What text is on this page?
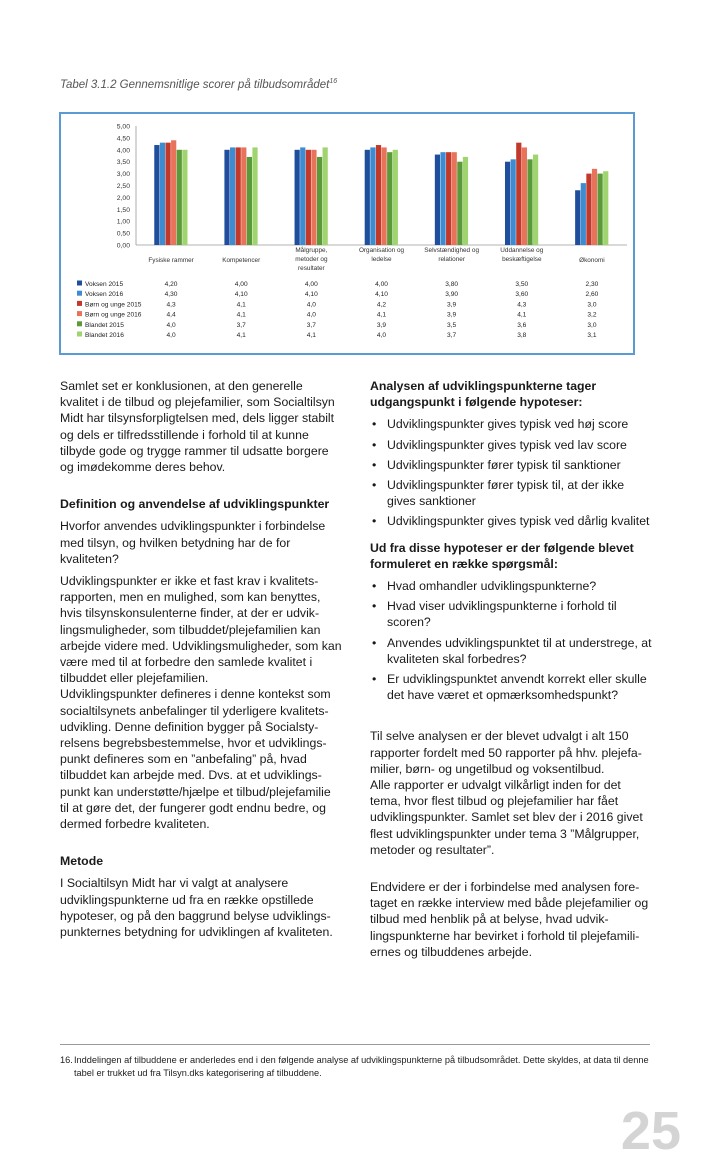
Tabel 3.1.2 Gennemsnitlige scorer på tilbudsområdet$^{16}$
0,00
0,50
1,00
1,50
2,00
2,50
3,00
3,50
4,00
4,50
5,00
Fysiske rammer	Kompetencer
Målgruppe,
metoder og
resultater
Organisation og
ledelse
Selvstændighed og
relationer
Uddannelse og
beskæftigelse	Økonomi
Voksen 2015	4,20	4,00	4,00	4,00	3,80	3,50	2,30
Voksen 2016	4,30	4,10	4,10	4,10	3,90	3,60	2,60
Børn og unge 2015	4,3	4,1	4,0	4,2	3,9	4,3	3,0
Børn og unge 2016	4,4	4,1	4,0	4,1	3,9	4,1	3,2
Blandet 2015	4,0	3,7	3,7	3,9	3,5	3,6	3,0
Blandet 2016	4,0	4,1	4,1	4,0	3,7	3,8	3,1

Samlet set er konklusionen, at den generelle kvalitet i de tilbud og plejefamilier, som Socialtilsyn Midt har tilsynsforpligtelsen med, dels ligger stabilt og dels er tilfredsstillende i forhold til at kunne tilbyde gode og trygge rammer til udsatte borgere og imødekomme deres behov.

Definition og anvendelse af udviklingspunkter

Hvorfor anvendes udviklingspunkter i forbindelse med tilsyn, og hvilken betydning har de for kvaliteten?

Udviklingspunkter er ikke et fast krav i kvalitetsrapporten, men en mulighed, som kan benyttes, hvis tilsynskonsulenterne finder, at der er udviklingsmuligheder, som tilbuddet/plejefamilien kan arbejde videre med. Udviklingsmuligheder, som kan være med til at forbedre den samlede kvalitet i tilbuddet eller plejefamilien.

Udviklingspunkter defineres i denne kontekst som socialtilsynets anbefalinger til yderligere kvalitetsudvikling. Denne definition bygger på Socialstyrelsens begrebsbestemmelse, hvor et udviklingspunkt defineres som en ”anbefaling” på, hvad tilbuddet kan arbejde med. Dvs. at et udviklingspunkt kan understøtte/hjælpe et tilbud/plejefamilie til at gøre det, der fungerer godt endnu bedre, og dermed forbedre kvaliteten.

Metode

I Socialtilsyn Midt har vi valgt at analysere udviklingspunkterne ud fra en række opstillede hypoteser, og på den baggrund belyse udviklingspunkternes betydning for udviklingen af kvaliteten.

Analysen af udviklingspunkterne tager udgangspunkt i følgende hypoteser:
• Udviklingspunkter gives typisk ved høj score
• Udviklingspunkter gives typisk ved lav score
• Udviklingspunkter fører typisk til sanktioner
• Udviklingspunkter fører typisk til, at der ikke gives sanktioner
• Udviklingspunkter gives typisk ved dårlig kvalitet
Ud fra disse hypoteser er der følgende blevet formuleret en række spørgsmål:
• Hvad omhandler udviklingspunkterne?
• Hvad viser udviklingspunkterne i forhold til scoren?
• Anvendes udviklingspunktet til at understrege, at kvaliteten skal forbedres?
• Er udviklingspunktet anvendt korrekt eller skulle det have været et opmærksomhedspunkt?

Til selve analysen er der blevet udvalgt i alt 150 rapporter fordelt med 50 rapporter på hhv. plejefamilier, børn- og ungetilbud og voksentilbud.

Alle rapporter er udvalgt vilkårligt inden for det tema, hvor flest tilbud og plejefamilier har fået udviklingspunkter. Samlet set blev der i 2016 givet flest udviklingspunkter under tema 3 ”Målgrupper, metoder og resultater”.

Endvidere er der i forbindelse med analysen foretaget en række interview med både plejefamilier og tilbud med henblik på at belyse, hvad udviklingspunkterne har bevirket i forhold til plejefamiliernes og tilbuddenes arbejde.

16. Inddelingen af tilbuddene er anderledes end i den følgende analyse af udviklingspunkterne på tilbudsområdet. Dette skyldes, at data til denne tabel er trukket ud fra Tilsyn.dks kategorisering af tilbuddene.
25
